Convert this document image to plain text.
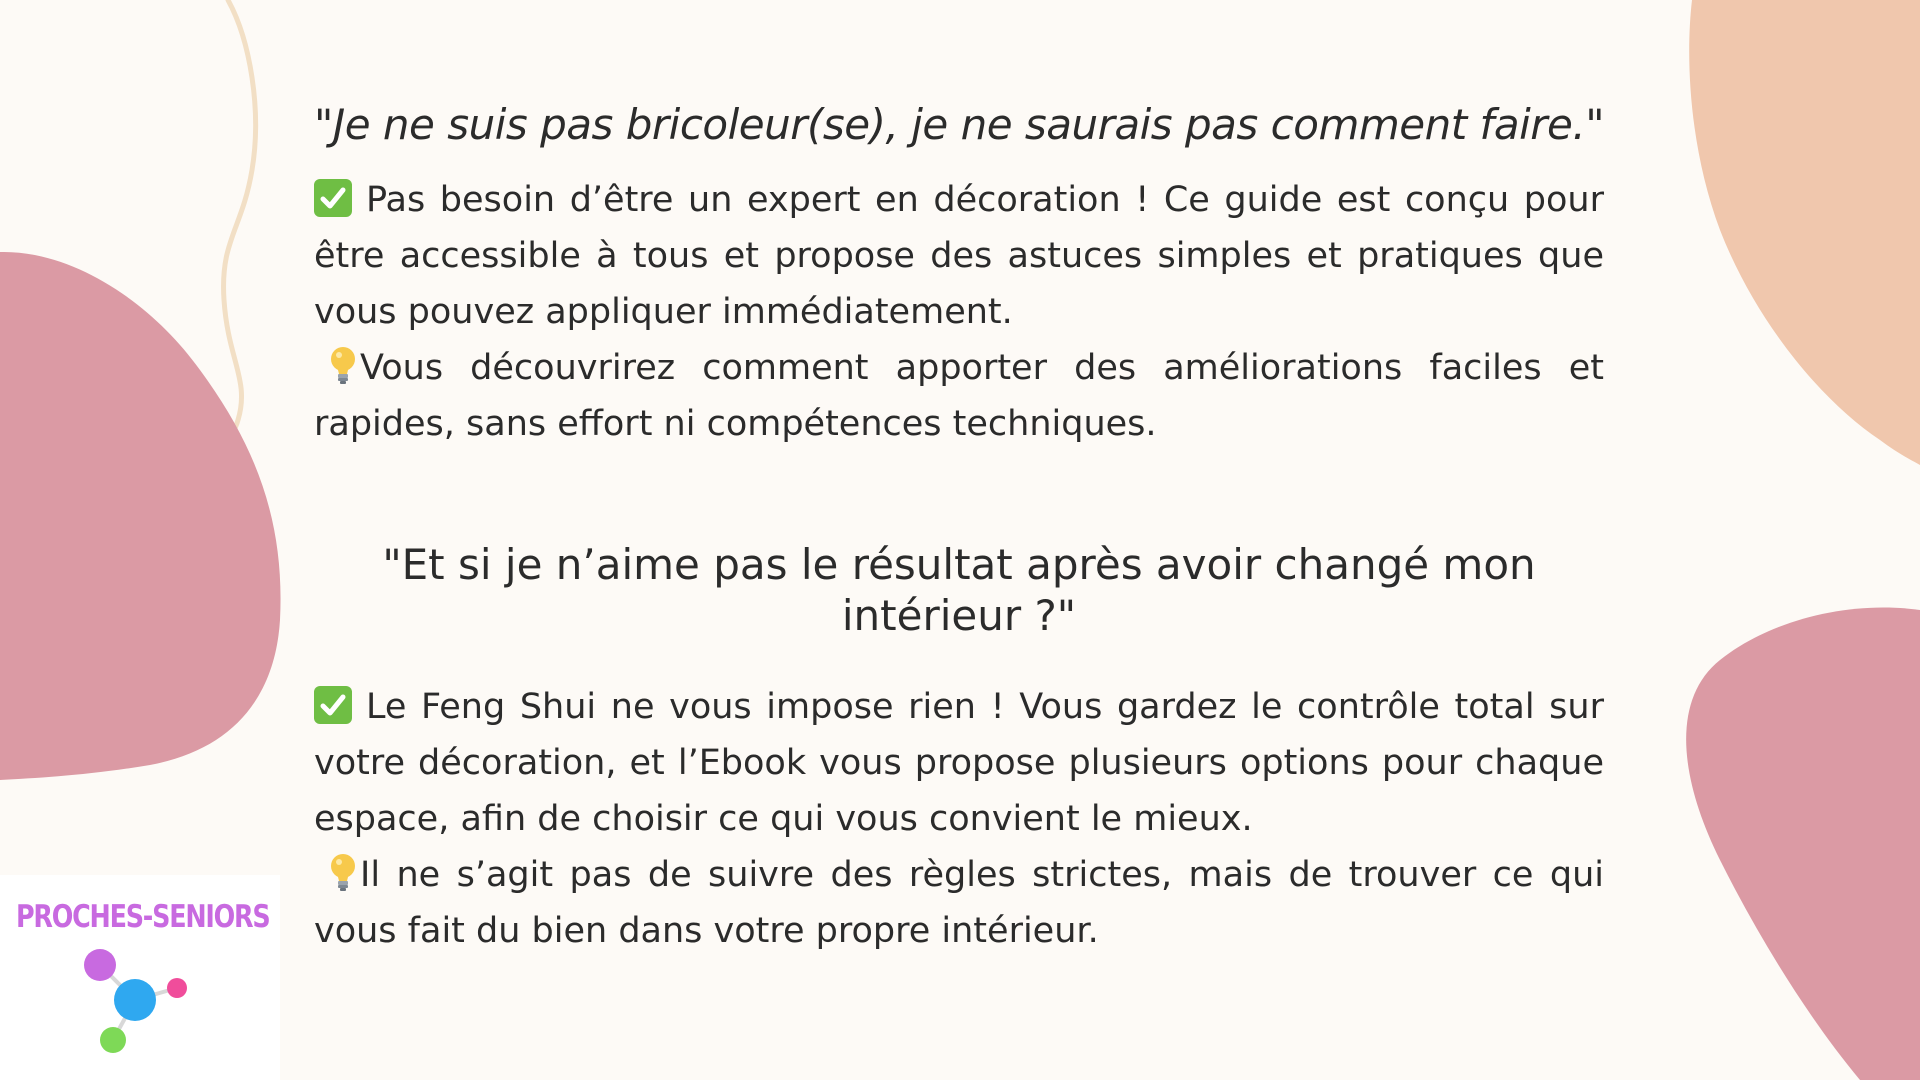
"Je ne suis pas bricoleur(se), je ne saurais pas comment faire."

Pas besoin d’être un expert en décoration ! Ce guide est conçu pour être accessible à tous et propose des astuces simples et pratiques que vous pouvez appliquer immédiatement.
Vous découvrirez comment apporter des améliorations faciles et rapides, sans effort ni compétences techniques.

"Et si je n’aime pas le résultat après avoir changé mon intérieur ?"

Le Feng Shui ne vous impose rien ! Vous gardez le contrôle total sur votre décoration, et l’Ebook vous propose plusieurs options pour chaque espace, afin de choisir ce qui vous convient le mieux.
Il ne s’agit pas de suivre des règles strictes, mais de trouver ce qui vous fait du bien dans votre propre intérieur.

PROCHES-SENIORS
